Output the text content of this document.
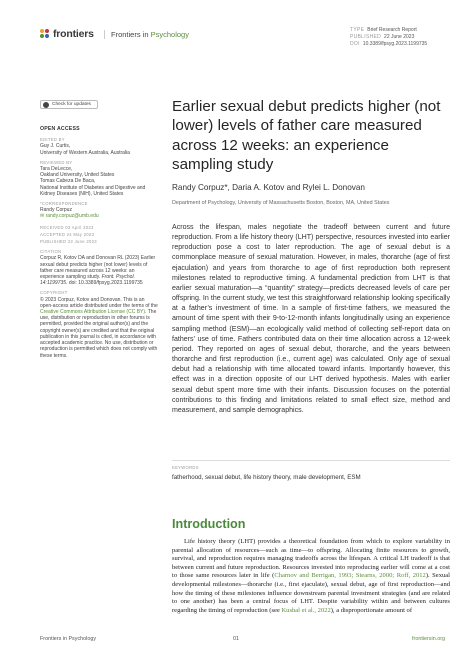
frontiers	Frontiers in Psychology	TYPE Brief Research Report
PUBLISHED 22 June 2023
DOI 10.3389/fpsyg.2023.1199735
Check for updates
OPEN ACCESS
EDITED BY
Guy J. Curtis,
University of Western Australia, Australia
REVIEWED BY
Tara DeLecce,
Oakland University, United States
Tomas Cabeza De Baca,
National Institute of Diabetes and Digestive and
Kidney Diseases (NIH), United States
*CORRESPONDENCE
Randy Corpuz
✉ randy.corpuz@umb.edu
RECEIVED 03 April 2023
ACCEPTED 24 May 2023
PUBLISHED 22 June 2023
CITATION
Corpuz R, Kotov DA and Donovan RL (2023) Earlier sexual debut predicts higher (not lower) levels of father care measured across 12 weeks: an experience sampling study. Front. Psychol. 14:1199735. doi: 10.3389/fpsyg.2023.1199735
COPYRIGHT
© 2023 Corpuz, Kotov and Donovan. This is an open-access article distributed under the terms of the Creative Commons Attribution License (CC BY). The use, distribution or reproduction in other forums is permitted, provided the original author(s) and the copyright owner(s) are credited and that the original publication in this journal is cited, in accordance with accepted academic practice. No use, distribution or reproduction is permitted which does not comply with these terms.
Earlier sexual debut predicts higher (not lower) levels of father care measured across 12 weeks: an experience sampling study
Randy Corpuz*, Daria A. Kotov and Rylei L. Donovan
Department of Psychology, University of Massachusetts Boston, Boston, MA, United States
Across the lifespan, males negotiate the tradeoff between current and future reproduction. From a life history theory (LHT) perspective, resources invested into earlier reproduction pose a cost to later reproduction. The age of sexual debut is a commonplace measure of sexual maturation. However, in males, thorarche (age of first ejaculation) and years from thorarche to age of first reproduction both represent milestones related to reproductive timing. A fundamental prediction from LHT is that earlier sexual maturation—a “quantity” strategy—predicts decreased levels of care per offspring. In the current study, we test this straightforward relationship looking specifically at a father’s investment of time. In a sample of first-time fathers, we measured the amount of time spent with their 9-to-12-month infants longitudinally using an experience sampling method (ESM)—an ecologically valid method of collecting self-report data on fathers’ use of time. Fathers contributed data on their time allocation across a 12-week period. They reported on ages of sexual debut, thorarche, and the years between thorarche and first reproduction (i.e., current age) was calculated. Only age of sexual debut had a relationship with time allocated toward infants. Importantly however, this effect was in a direction opposite of our LHT derived hypothesis. Males with earlier sexual debut spent more time with their infants. Discussion focuses on the potential contributions to this finding and limitations related to small effect size, method and measurement, and sample demographics.
KEYWORDS
fatherhood, sexual debut, life history theory, male development, ESM
Introduction

Life history theory (LHT) provides a theoretical foundation from which to explore variability in parental allocation of resources—such as time—to offspring. Allocating finite resources to growth, survival, and reproduction requires managing tradeoffs across the lifespan. A critical LH tradeoff is that between current and future reproduction. Resources invested into reproducing earlier will come at a cost to those same resources later in life (Charnov and Berrigan, 1993; Stearns, 2000; Roff, 2012). Sexual developmental milestones—thorarche (i.e., first ejaculate), sexual debut, age of first reproduction—and how the timing of these milestones influence downstream parental investment strategies (and are related to one another) has been a central focus of LHT. Despite variability within and between cultures regarding the timing of reproduction (see Kushal et al., 2022), a disproportionate amount of

Frontiers in Psychology	01	frontiersin.org
